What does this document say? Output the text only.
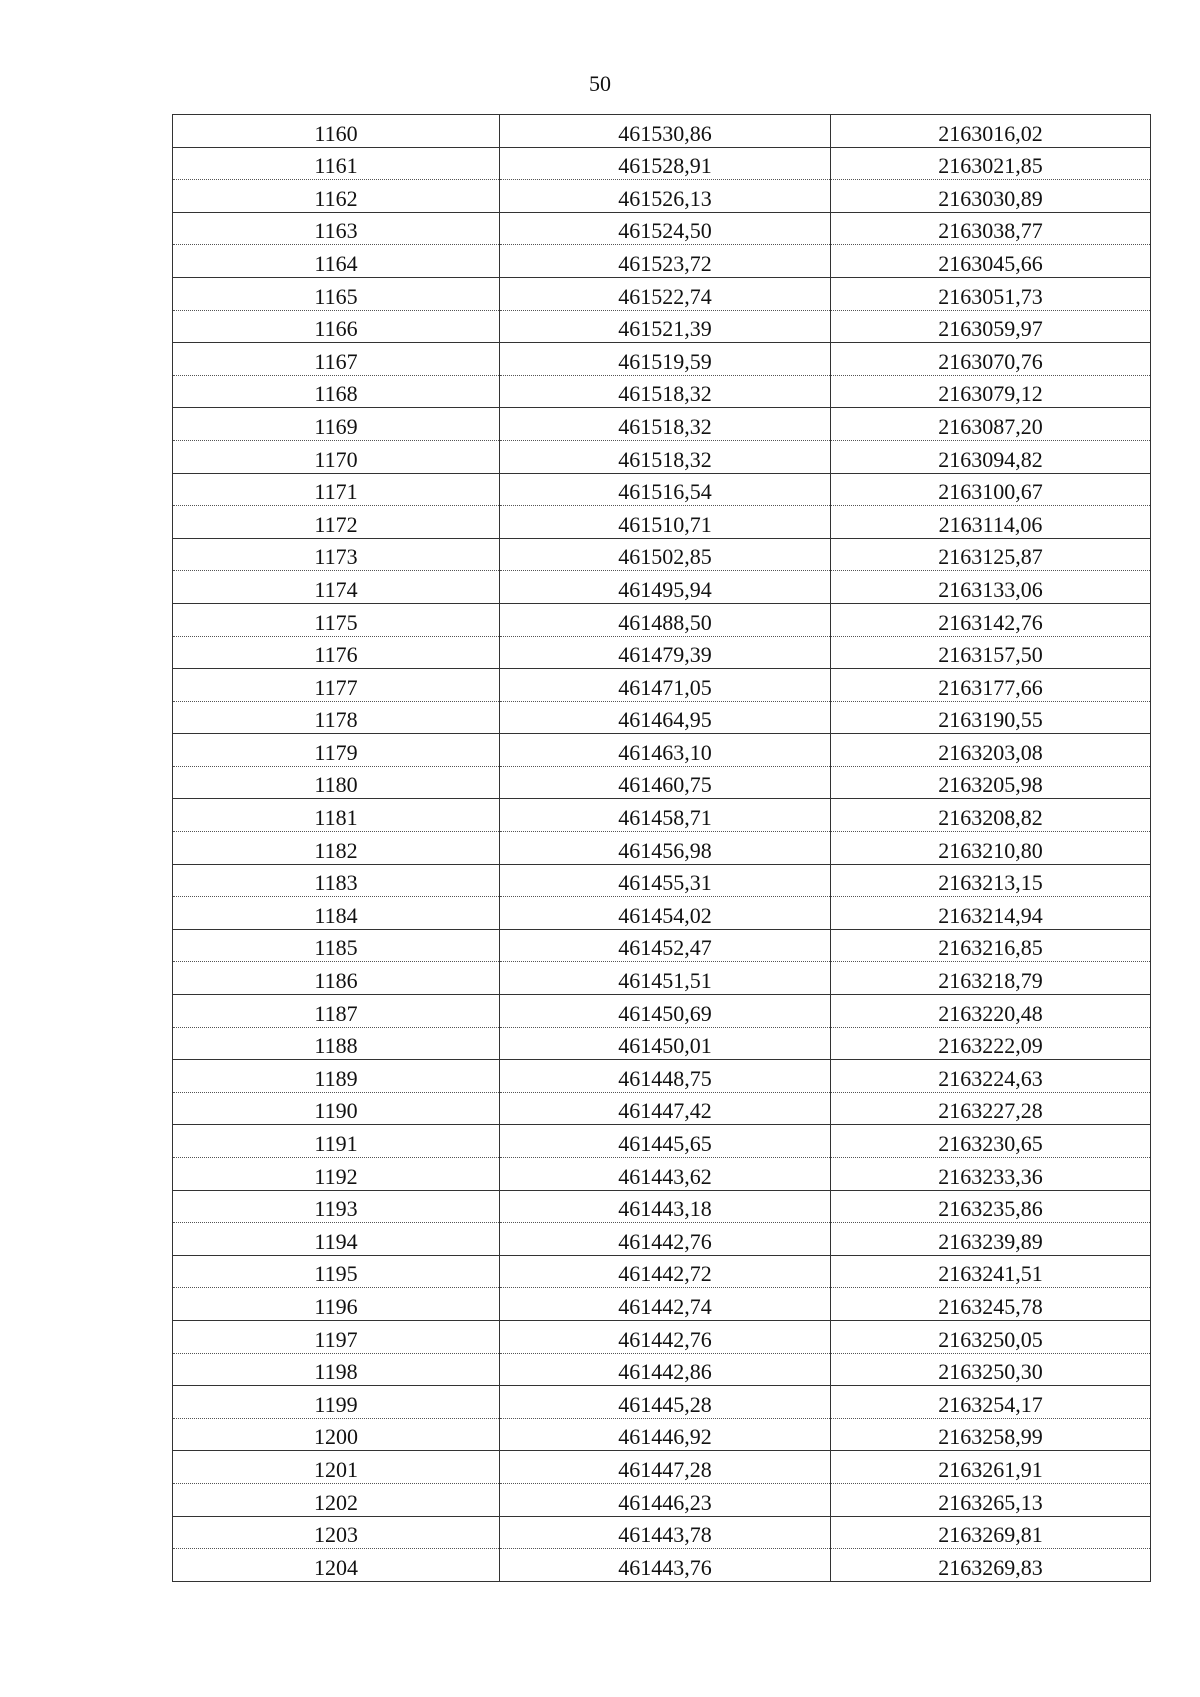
50
1160	461530,86	2163016,02
1161	461528,91	2163021,85
1162	461526,13	2163030,89
1163	461524,50	2163038,77
1164	461523,72	2163045,66
1165	461522,74	2163051,73
1166	461521,39	2163059,97
1167	461519,59	2163070,76
1168	461518,32	2163079,12
1169	461518,32	2163087,20
1170	461518,32	2163094,82
1171	461516,54	2163100,67
1172	461510,71	2163114,06
1173	461502,85	2163125,87
1174	461495,94	2163133,06
1175	461488,50	2163142,76
1176	461479,39	2163157,50
1177	461471,05	2163177,66
1178	461464,95	2163190,55
1179	461463,10	2163203,08
1180	461460,75	2163205,98
1181	461458,71	2163208,82
1182	461456,98	2163210,80
1183	461455,31	2163213,15
1184	461454,02	2163214,94
1185	461452,47	2163216,85
1186	461451,51	2163218,79
1187	461450,69	2163220,48
1188	461450,01	2163222,09
1189	461448,75	2163224,63
1190	461447,42	2163227,28
1191	461445,65	2163230,65
1192	461443,62	2163233,36
1193	461443,18	2163235,86
1194	461442,76	2163239,89
1195	461442,72	2163241,51
1196	461442,74	2163245,78
1197	461442,76	2163250,05
1198	461442,86	2163250,30
1199	461445,28	2163254,17
1200	461446,92	2163258,99
1201	461447,28	2163261,91
1202	461446,23	2163265,13
1203	461443,78	2163269,81
1204	461443,76	2163269,83
